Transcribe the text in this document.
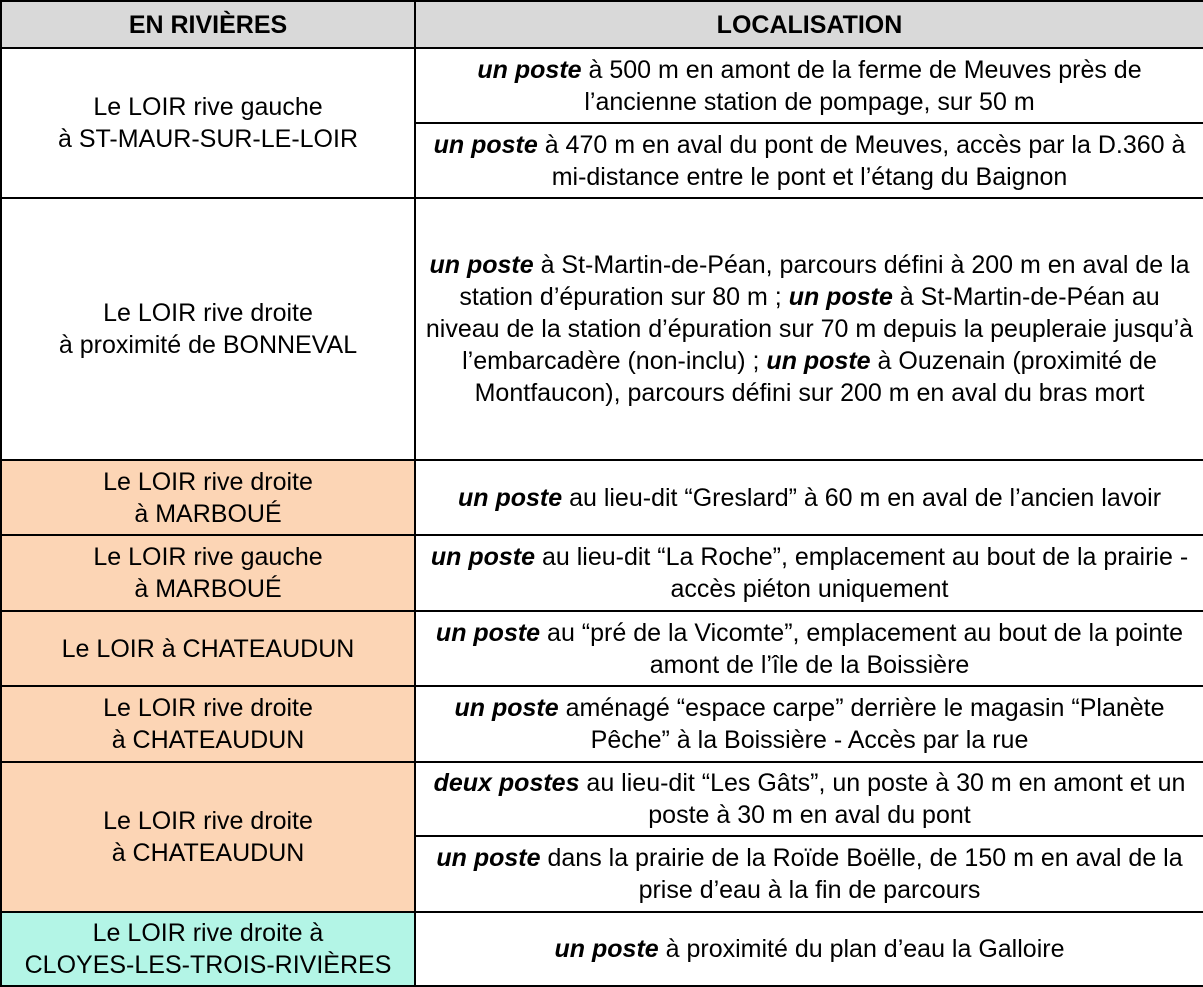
EN RIVIÈRES	LOCALISATION
Le LOIR rive gauche
à ST-MAUR-SUR-LE-LOIR	un poste à 500 m en amont de la ferme de Meuves près de l’ancienne station de pompage, sur 50 m
	un poste à 470 m en aval du pont de Meuves, accès par la D.360 à mi-distance entre le pont et l’étang du Baignon
Le LOIR rive droite
à proximité de BONNEVAL	un poste à St-Martin-de-Péan, parcours défini à 200 m en aval de la station d’épuration sur 80 m ; un poste à St-Martin-de-Péan au niveau de la station d’épuration sur 70 m depuis la peupleraie jusqu’à l’embarcadère (non-inclu) ; un poste à Ouzenain (proximité de Montfaucon), parcours défini sur 200 m en aval du bras mort
Le LOIR rive droite
à MARBOUÉ	un poste au lieu-dit “Greslard” à 60 m en aval de l’ancien lavoir
Le LOIR rive gauche
à MARBOUÉ	un poste au lieu-dit “La Roche”, emplacement au bout de la prairie - accès piéton uniquement
Le LOIR à CHATEAUDUN	un poste au “pré de la Vicomte”, emplacement au bout de la pointe amont de l’île de la Boissière
Le LOIR rive droite
à CHATEAUDUN	un poste aménagé “espace carpe” derrière le magasin “Planète Pêche” à la Boissière - Accès par la rue
Le LOIR rive droite
à CHATEAUDUN	deux postes au lieu-dit “Les Gâts”, un poste à 30 m en amont et un poste à 30 m en aval du pont
	un poste dans la prairie de la Roïde Boëlle, de 150 m en aval de la prise d’eau à la fin de parcours
Le LOIR rive droite à
CLOYES-LES-TROIS-RIVIÈRES	un poste à proximité du plan d’eau la Galloire
